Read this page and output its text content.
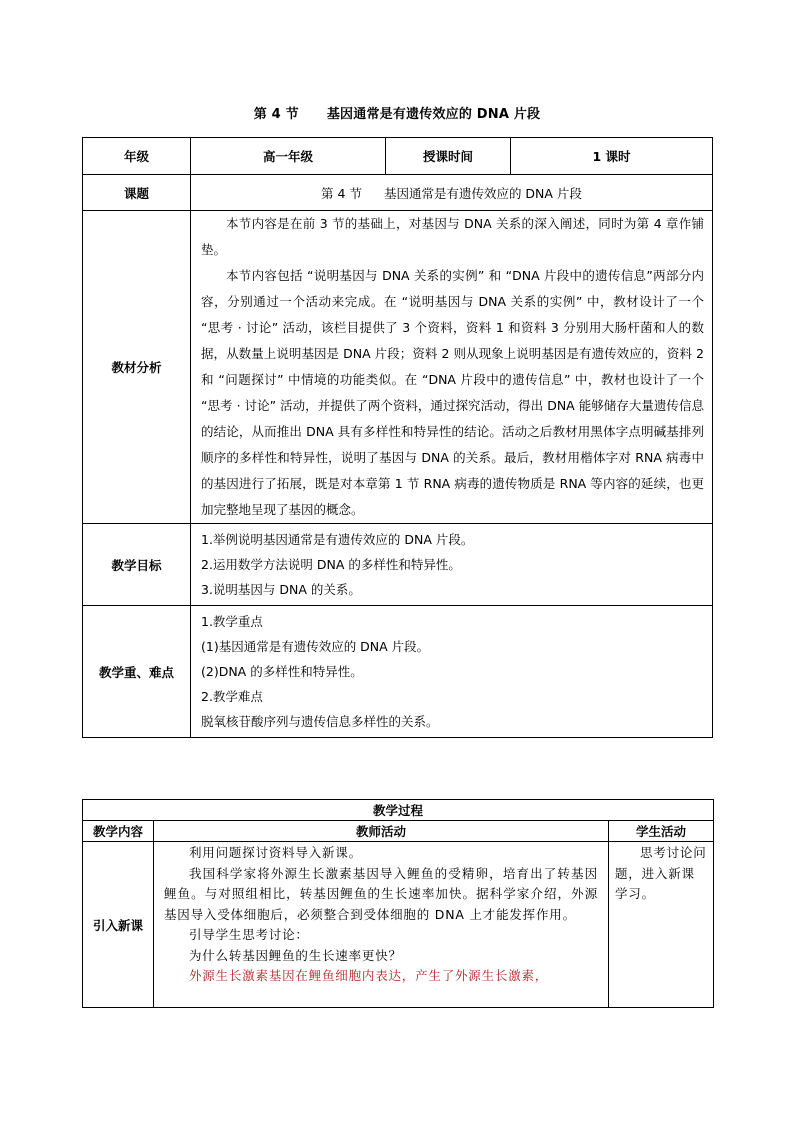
第 4 节 基因通常是有遗传效应的 DNA 片段
年级	高一年级	授课时间	1 课时
课题	第 4 节 基因通常是有遗传效应的 DNA 片段		
教材分析	本节内容是在前 3 节的基础上，对基因与 DNA 关系的深入阐述，同时为第 4 章作铺垫。

本节内容包括 “说明基因与 DNA 关系的实例” 和 “DNA 片段中的遗传信息”两部分内容，分别通过一个活动来完成。在 “说明基因与 DNA 关系的实例” 中，教材设计了一个 “思考 · 讨论” 活动，该栏目提供了 3 个资料，资料 1 和资料 3 分别用大肠杆菌和人的数据，从数量上说明基因是 DNA 片段；资料 2 则从现象上说明基因是有遗传效应的，资料 2 和 “问题探讨” 中情境的功能类似。在 “DNA 片段中的遗传信息” 中，教材也设计了一个 “思考 · 讨论” 活动，并提供了两个资料，通过探究活动，得出 DNA 能够储存大量遗传信息的结论，从而推出 DNA 具有多样性和特异性的结论。活动之后教材用黑体字点明碱基排列顺序的多样性和特异性，说明了基因与 DNA 的关系。最后，教材用楷体字对 RNA 病毒中的基因进行了拓展，既是对本章第 1 节 RNA 病毒的遗传物质是 RNA 等内容的延续，也更加完整地呈现了基因的概念。		

教学目标	1.举例说明基因通常是有遗传效应的 DNA 片段。
2.运用数学方法说明 DNA 的多样性和特异性。
3.说明基因与 DNA 的关系。		

教学重、难点	1.教学重点
(1)基因通常是有遗传效应的 DNA 片段。
(2)DNA 的多样性和特异性。
2.教学难点
脱氧核苷酸序列与遗传信息多样性的关系。		
教学过程		
教学内容	教师活动	学生活动
引入新课	利用问题探讨资料导入新课。

我国科学家将外源生长激素基因导入鲤鱼的受精卵，培育出了转基因鲤鱼。与对照组相比，转基因鲤鱼的生长速率加快。据科学家介绍，外源基因导入受体细胞后，必须整合到受体细胞的 DNA 上才能发挥作用。

引导学生思考讨论：

为什么转基因鲤鱼的生长速率更快？

外源生长激素基因在鲤鱼细胞内表达，产生了外源生长激素，	思考讨论问题，进入新课学习。
